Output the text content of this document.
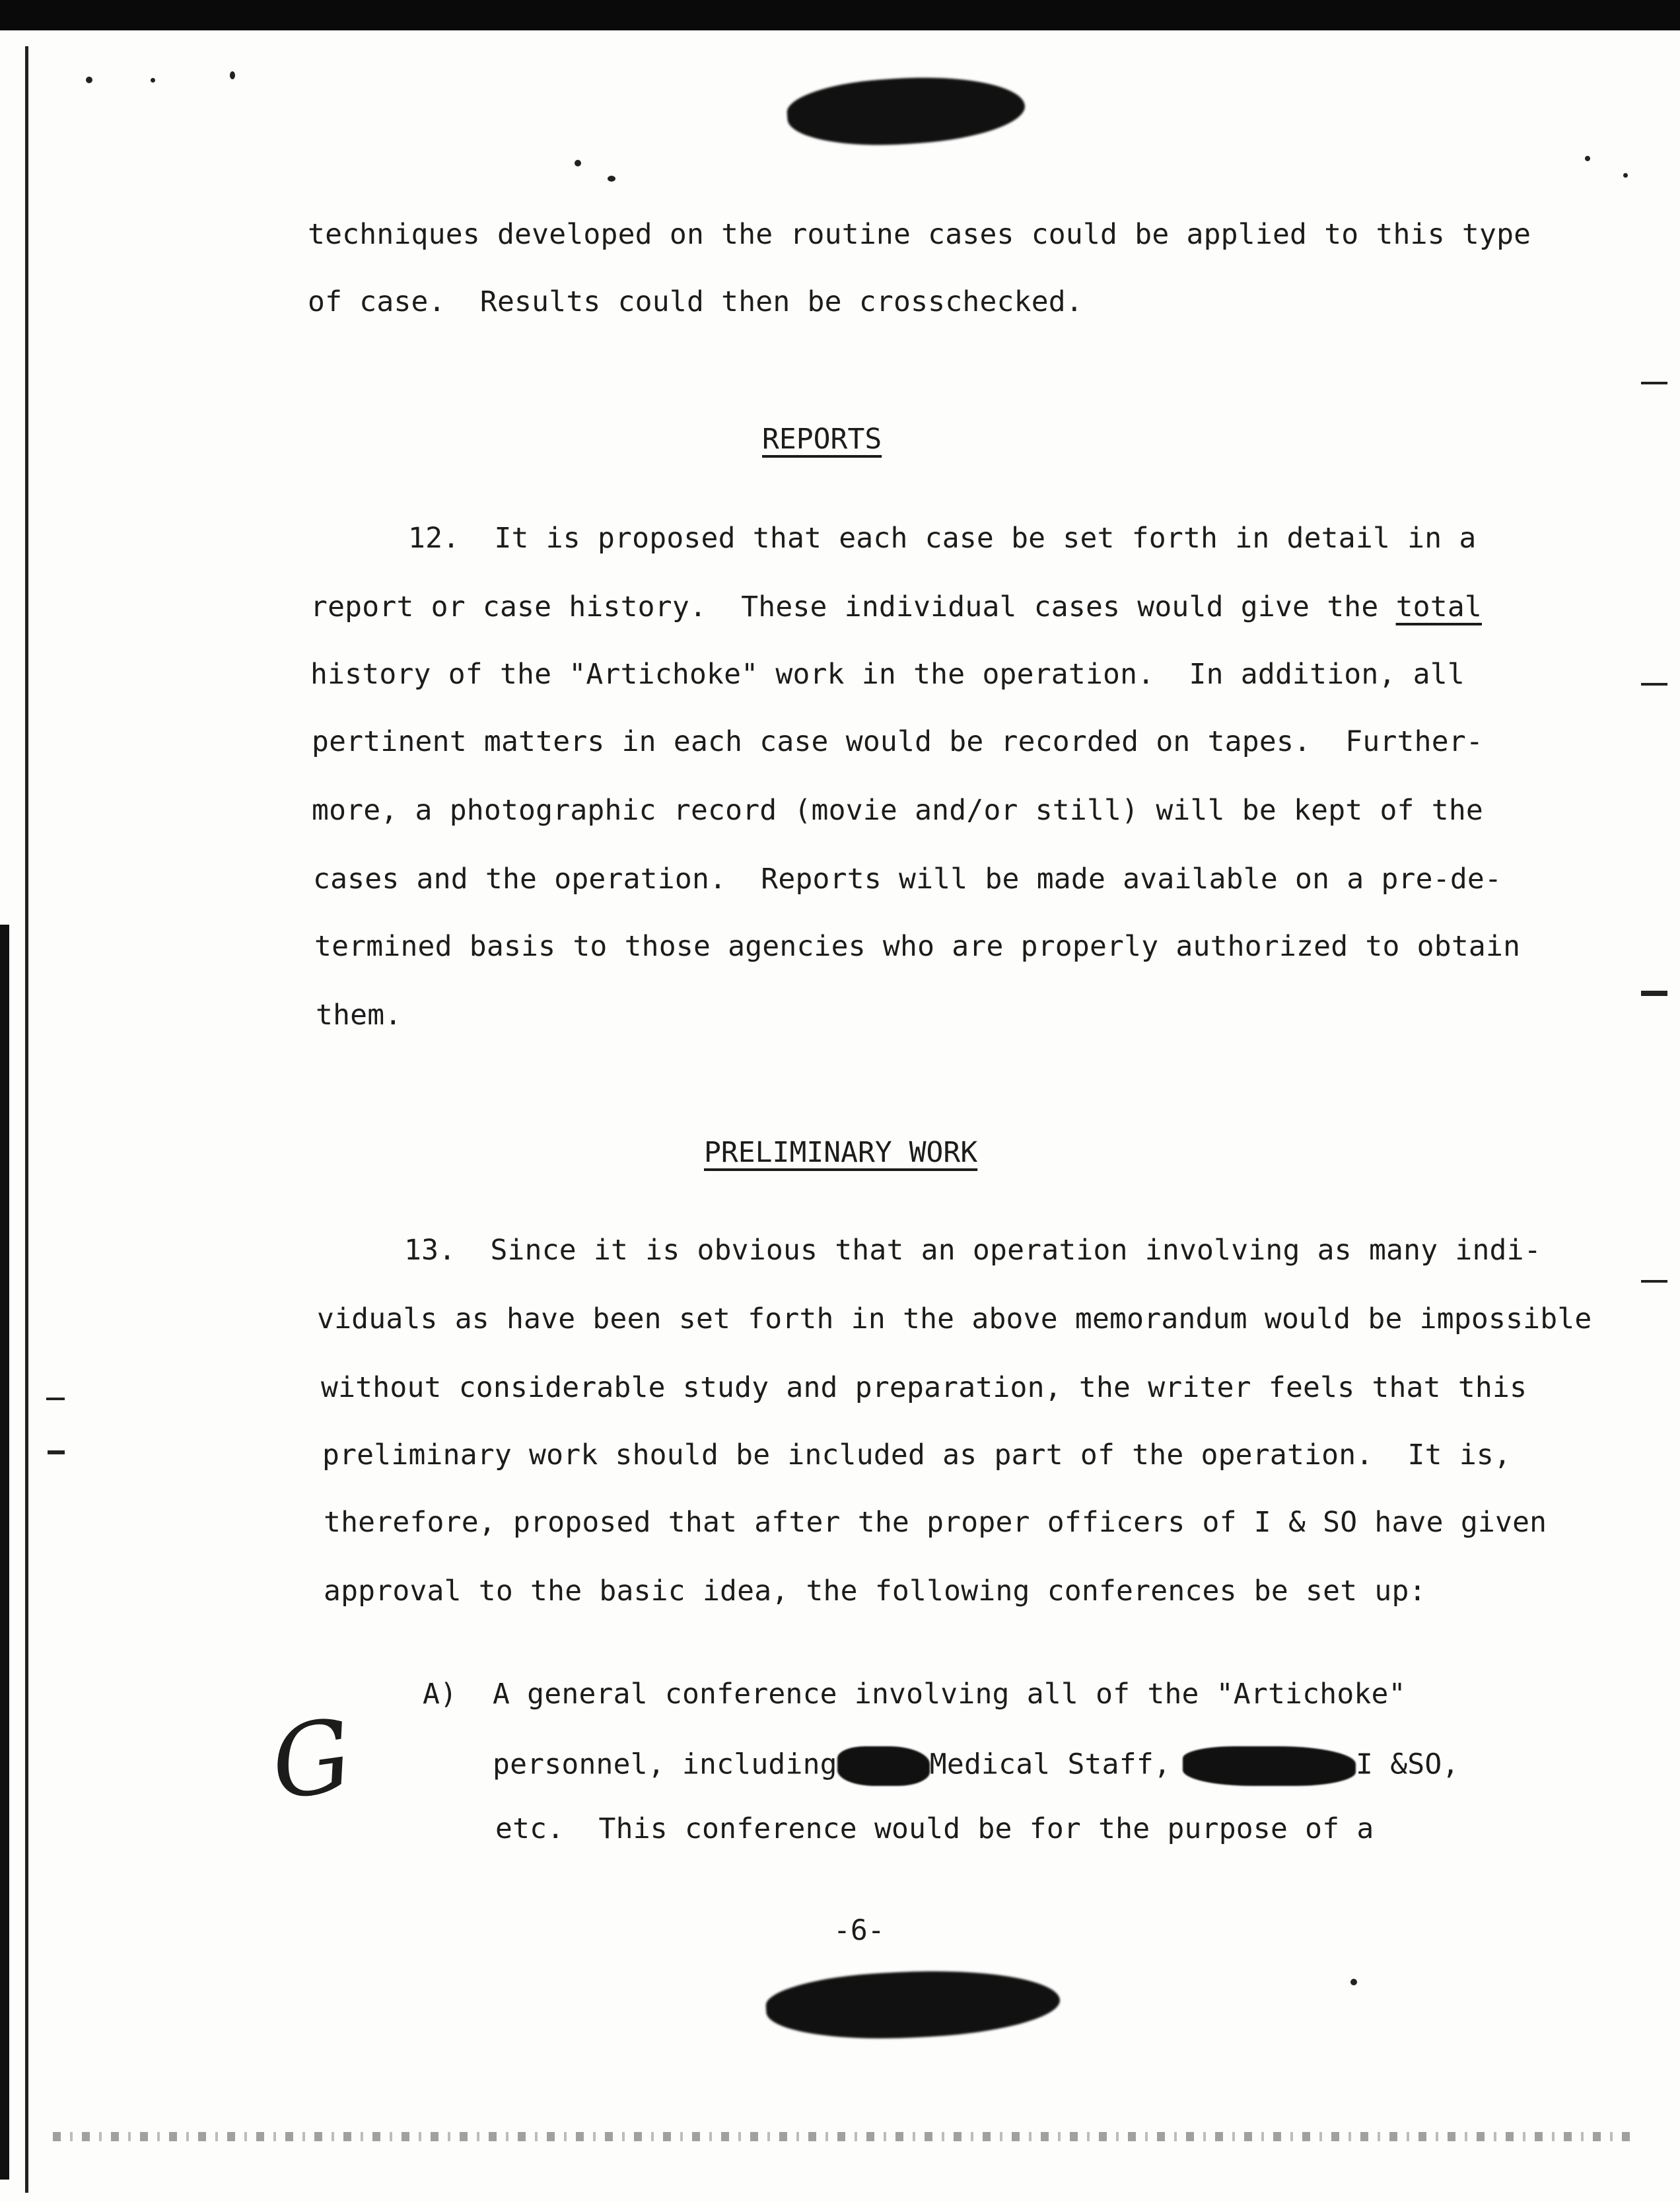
techniques developed on the routine cases could be applied to this type
of case.  Results could then be crosschecked.
REPORTS
12.  It is proposed that each case be set forth in detail in a
report or case history.  These individual cases would give the total
history of the "Artichoke" work in the operation.  In addition, all
pertinent matters in each case would be recorded on tapes.  Further-
more, a photographic record (movie and/or still) will be kept of the
cases and the operation.  Reports will be made available on a pre-de-
termined basis to those agencies who are properly authorized to obtain
them.
PRELIMINARY WORK
13.  Since it is obvious that an operation involving as many indi-
viduals as have been set forth in the above memorandum would be impossible
without considerable study and preparation, the writer feels that this
preliminary work should be included as part of the operation.  It is,
therefore, proposed that after the proper officers of I & SO have given
approval to the basic idea, the following conferences be set up:
A) A general conference involving all of the "Artichoke"
personnel, including	Medical Staff,	I &SO,
etc.  This conference would be for the purpose of a
G
-6-
